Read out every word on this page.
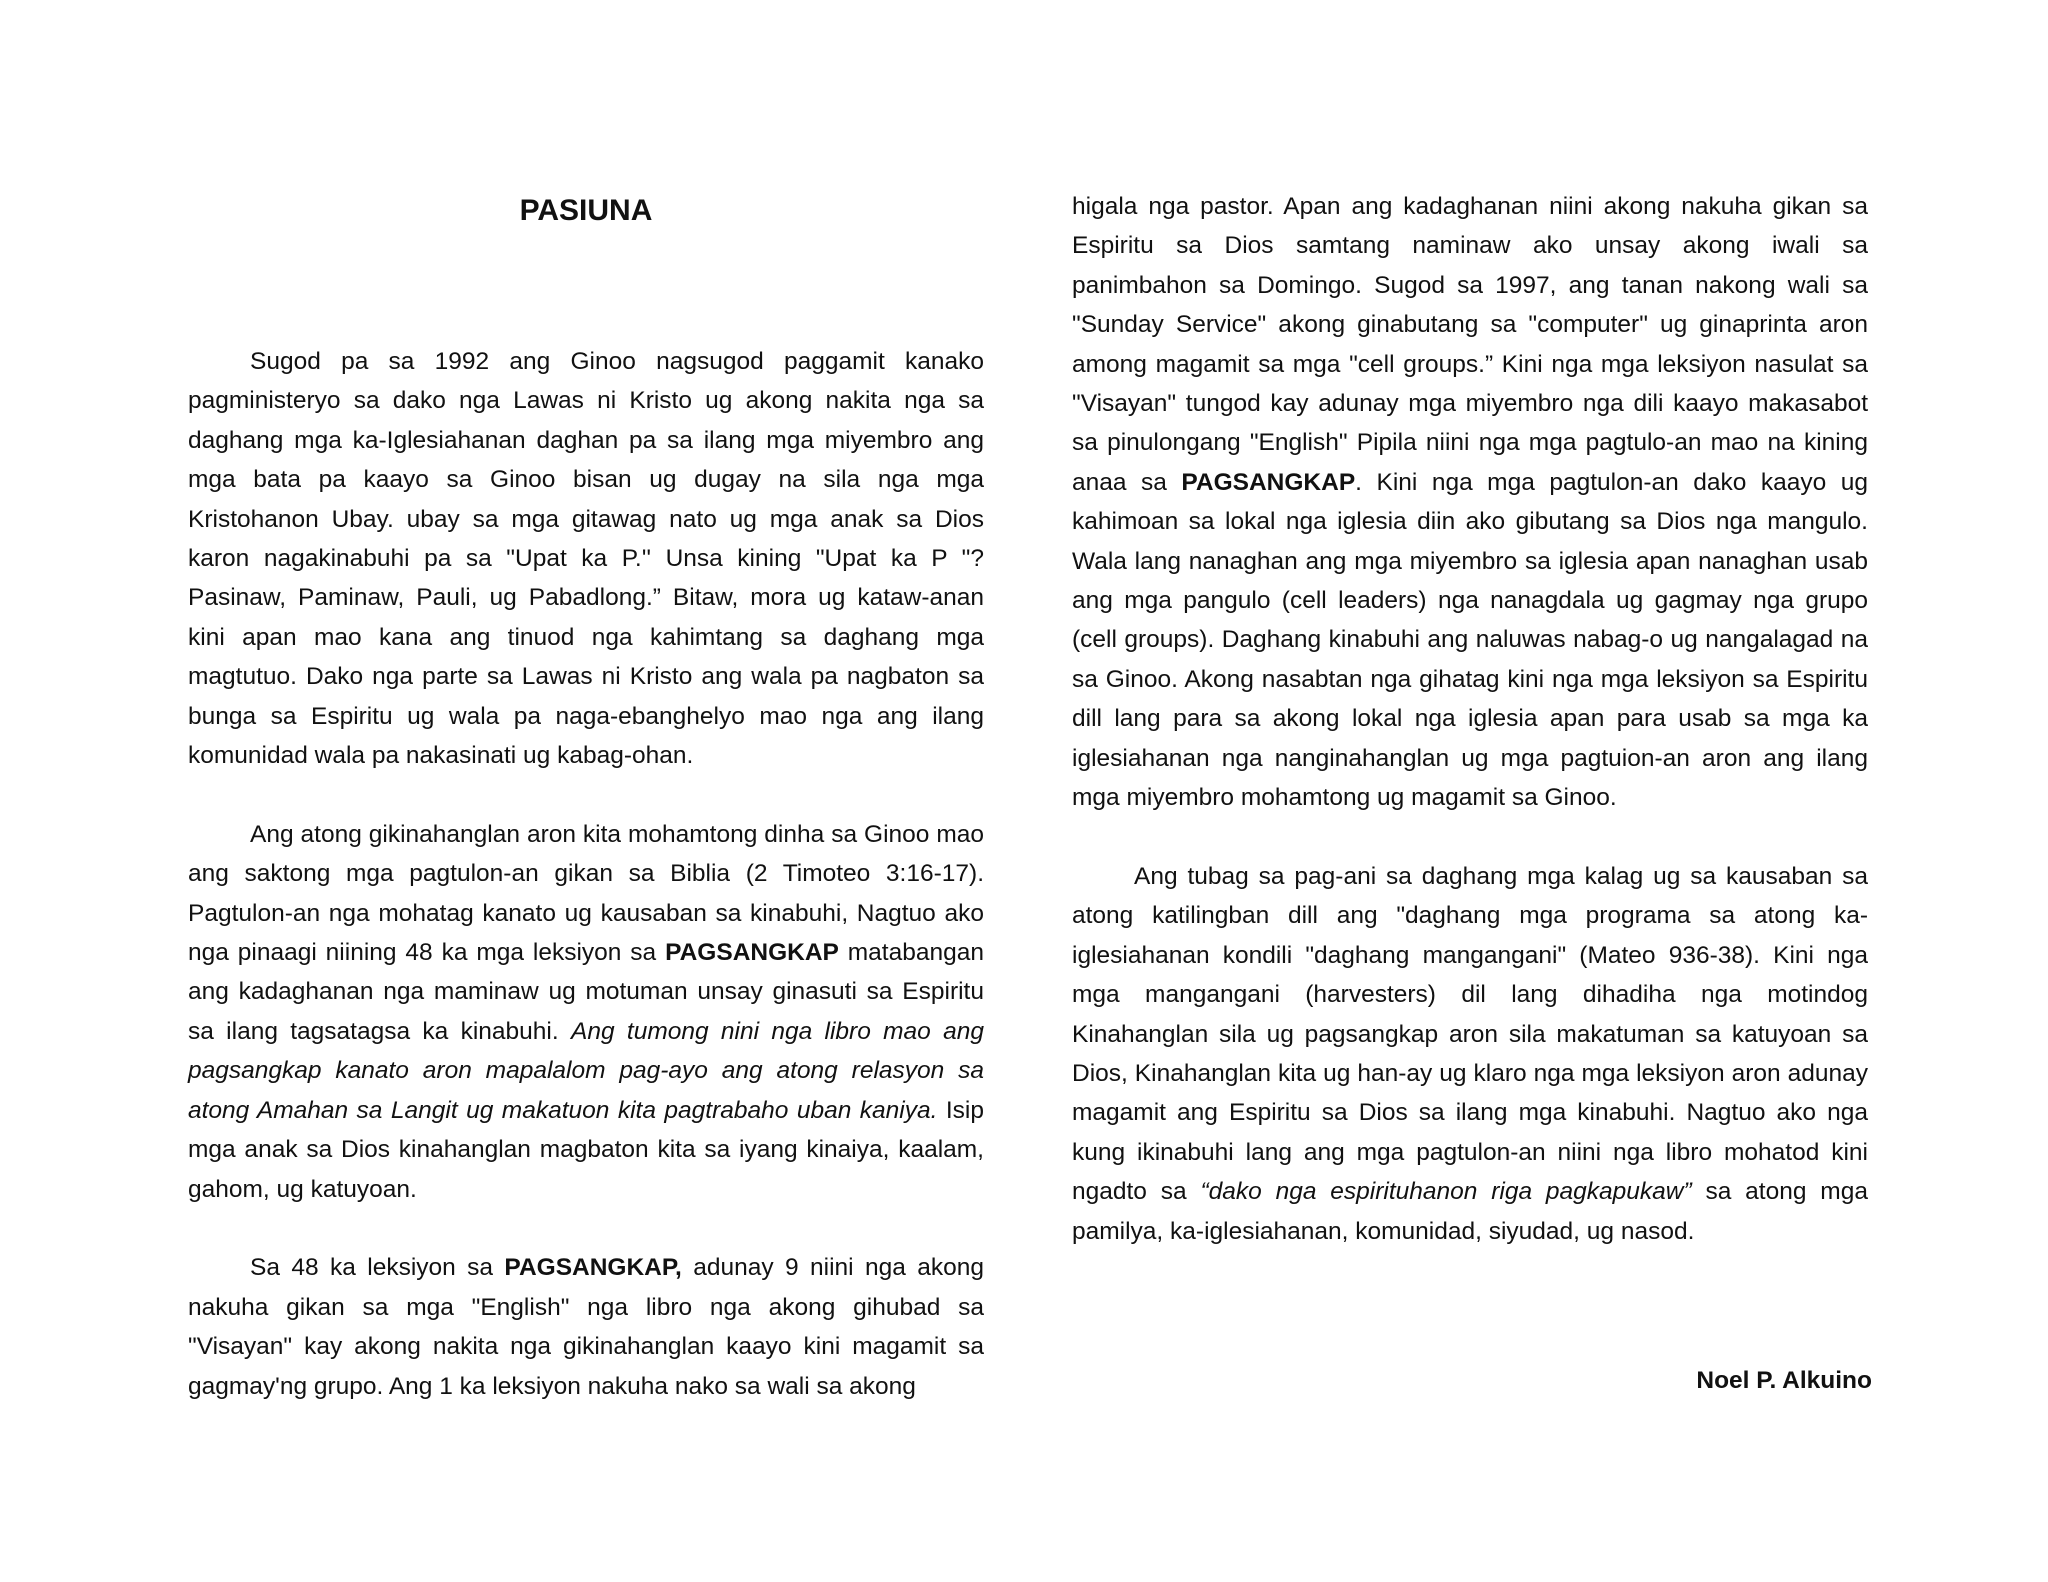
PASIUNA

Sugod pa sa 1992 ang Ginoo nagsugod paggamit kanako pagministeryo sa dako nga Lawas ni Kristo ug akong nakita nga sa daghang mga ka-Iglesiahanan daghan pa sa ilang mga miyembro ang mga bata pa kaayo sa Ginoo bisan ug dugay na sila nga mga Kristohanon Ubay. ubay sa mga gitawag nato ug mga anak sa Dios karon nagakinabuhi pa sa "Upat ka P.'' Unsa kining "Upat ka P "? Pasinaw, Paminaw, Pauli, ug Pabadlong.” Bitaw, mora ug kataw-anan kini apan mao kana ang tinuod nga kahimtang sa daghang mga magtutuo. Dako nga parte sa Lawas ni Kristo ang wala pa nagbaton sa bunga sa Espiritu ug wala pa naga-ebanghelyo mao nga ang ilang komunidad wala pa nakasinati ug kabag-ohan.

Ang atong gikinahanglan aron kita mohamtong dinha sa Ginoo mao ang saktong mga pagtulon-an gikan sa Biblia (2 Timoteo 3:16-17). Pagtulon-an nga mohatag kanato ug kausaban sa kinabuhi, Nagtuo ako nga pinaagi niining 48 ka mga leksiyon sa PAGSANGKAP matabangan ang kadaghanan nga maminaw ug motuman unsay ginasuti sa Espiritu sa ilang tagsatagsa ka kinabuhi. Ang tumong nini nga libro mao ang pagsangkap kanato aron mapalalom pag-ayo ang atong relasyon sa atong Amahan sa Langit ug makatuon kita pagtrabaho uban kaniya. Isip mga anak sa Dios kinahanglan magbaton kita sa iyang kinaiya, kaalam, gahom, ug katuyoan.

Sa 48 ka leksiyon sa PAGSANGKAP, adunay 9 niini nga akong nakuha gikan sa mga "English" nga libro nga akong gihubad sa "Visayan" kay akong nakita nga gikinahanglan kaayo kini magamit sa gagmay'ng grupo. Ang 1 ka leksiyon nakuha nako sa wali sa akong

higala nga pastor. Apan ang kadaghanan niini akong nakuha gikan sa Espiritu sa Dios samtang naminaw ako unsay akong iwali sa panimbahon sa Domingo. Sugod sa 1997, ang tanan nakong wali sa "Sunday Service" akong ginabutang sa "computer" ug ginaprinta aron among magamit sa mga "cell groups.” Kini nga mga leksiyon nasulat sa "Visayan" tungod kay adunay mga miyembro nga dili kaayo makasabot sa pinulongang "English" Pipila niini nga mga pagtulo-an mao na kining anaa sa PAGSANGKAP. Kini nga mga pagtulon-an dako kaayo ug kahimoan sa lokal nga iglesia diin ako gibutang sa Dios nga mangulo. Wala lang nanaghan ang mga miyembro sa iglesia apan nanaghan usab ang mga pangulo (cell leaders) nga nanagdala ug gagmay nga grupo (cell groups). Daghang kinabuhi ang naluwas nabag-o ug nangalagad na sa Ginoo. Akong nasabtan nga gihatag kini nga mga leksiyon sa Espiritu dill lang para sa akong lokal nga iglesia apan para usab sa mga ka iglesiahanan nga nanginahanglan ug mga pagtuion-an aron ang ilang mga miyembro mohamtong ug magamit sa Ginoo.

Ang tubag sa pag-ani sa daghang mga kalag ug sa kausaban sa atong katilingban dill ang "daghang mga programa sa atong ka-iglesiahanan kondili "daghang mangangani" (Mateo 936-38). Kini nga mga mangangani (harvesters) dil lang dihadiha nga motindog Kinahanglan sila ug pagsangkap aron sila makatuman sa katuyoan sa Dios, Kinahanglan kita ug han-ay ug klaro nga mga leksiyon aron adunay magamit ang Espiritu sa Dios sa ilang mga kinabuhi. Nagtuo ako nga kung ikinabuhi lang ang mga pagtulon-an niini nga libro mohatod kini ngadto sa “dako nga espirituhanon riga pagkapukaw” sa atong mga pamilya, ka-iglesiahanan, komunidad, siyudad, ug nasod.

Noel P. Alkuino
